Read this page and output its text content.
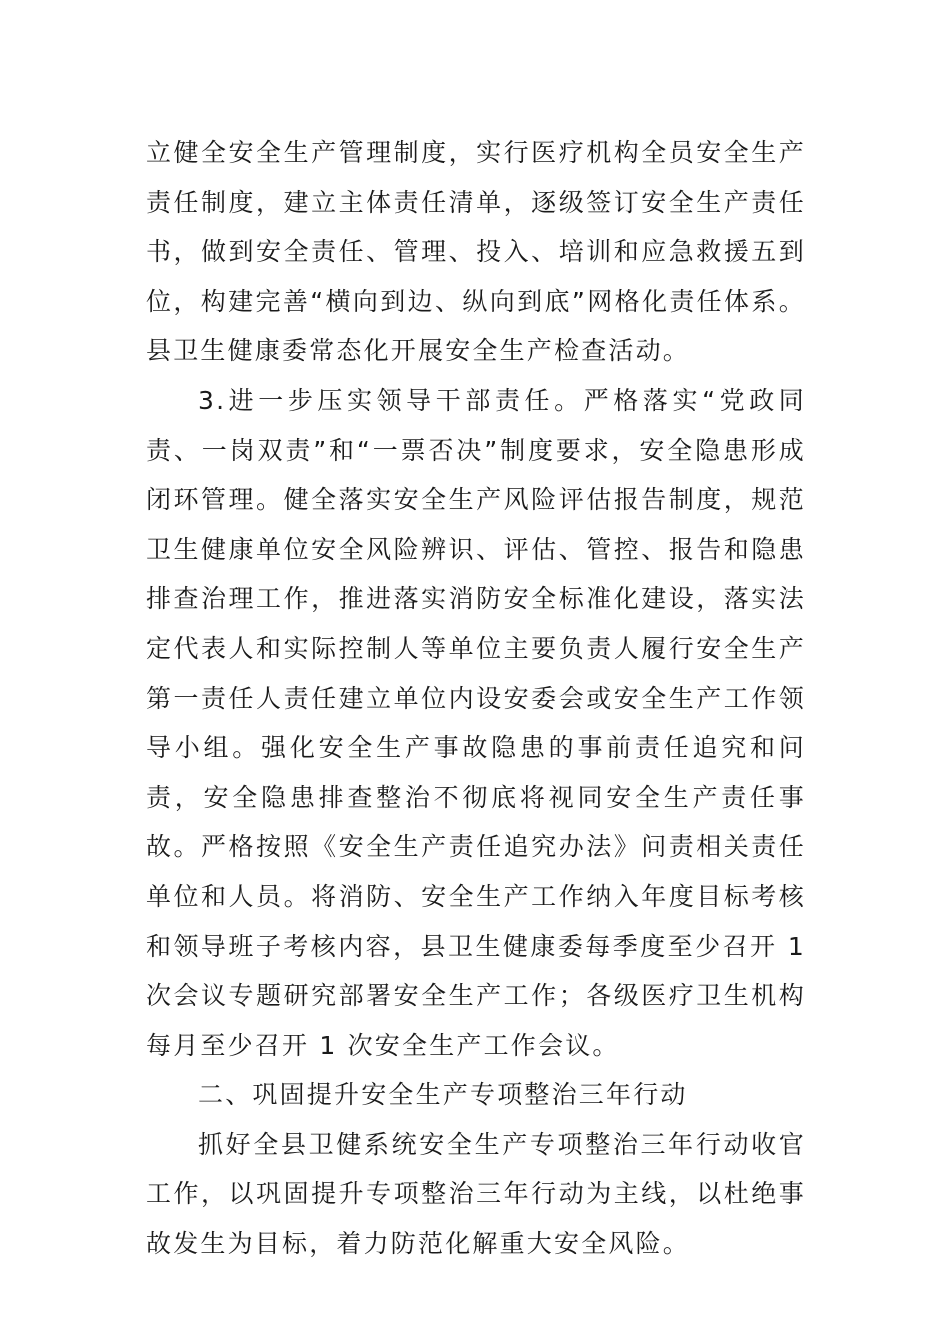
立健全安全生产管理制度，实行医疗机构全员安全生产责任制度，建立主体责任清单，逐级签订安全生产责任书，做到安全责任、管理、投入、培训和应急救援五到位，构建完善“横向到边、纵向到底”网格化责任体系。县卫生健康委常态化开展安全生产检查活动。

3.进一步压实领导干部责任。严格落实“党政同责、一岗双责”和“一票否决”制度要求，安全隐患形成闭环管理。健全落实安全生产风险评估报告制度，规范卫生健康单位安全风险辨识、评估、管控、报告和隐患排查治理工作，推进落实消防安全标准化建设，落实法定代表人和实际控制人等单位主要负责人履行安全生产第一责任人责任建立单位内设安委会或安全生产工作领导小组。强化安全生产事故隐患的事前责任追究和问责，安全隐患排查整治不彻底将视同安全生产责任事故。严格按照《安全生产责任追究办法》问责相关责任单位和人员。将消防、安全生产工作纳入年度目标考核和领导班子考核内容，县卫生健康委每季度至少召开 1 次会议专题研究部署安全生产工作；各级医疗卫生机构每月至少召开 1 次安全生产工作会议。

二、巩固提升安全生产专项整治三年行动

抓好全县卫健系统安全生产专项整治三年行动收官工作，以巩固提升专项整治三年行动为主线，以杜绝事故发生为目标，着力防范化解重大安全风险。
